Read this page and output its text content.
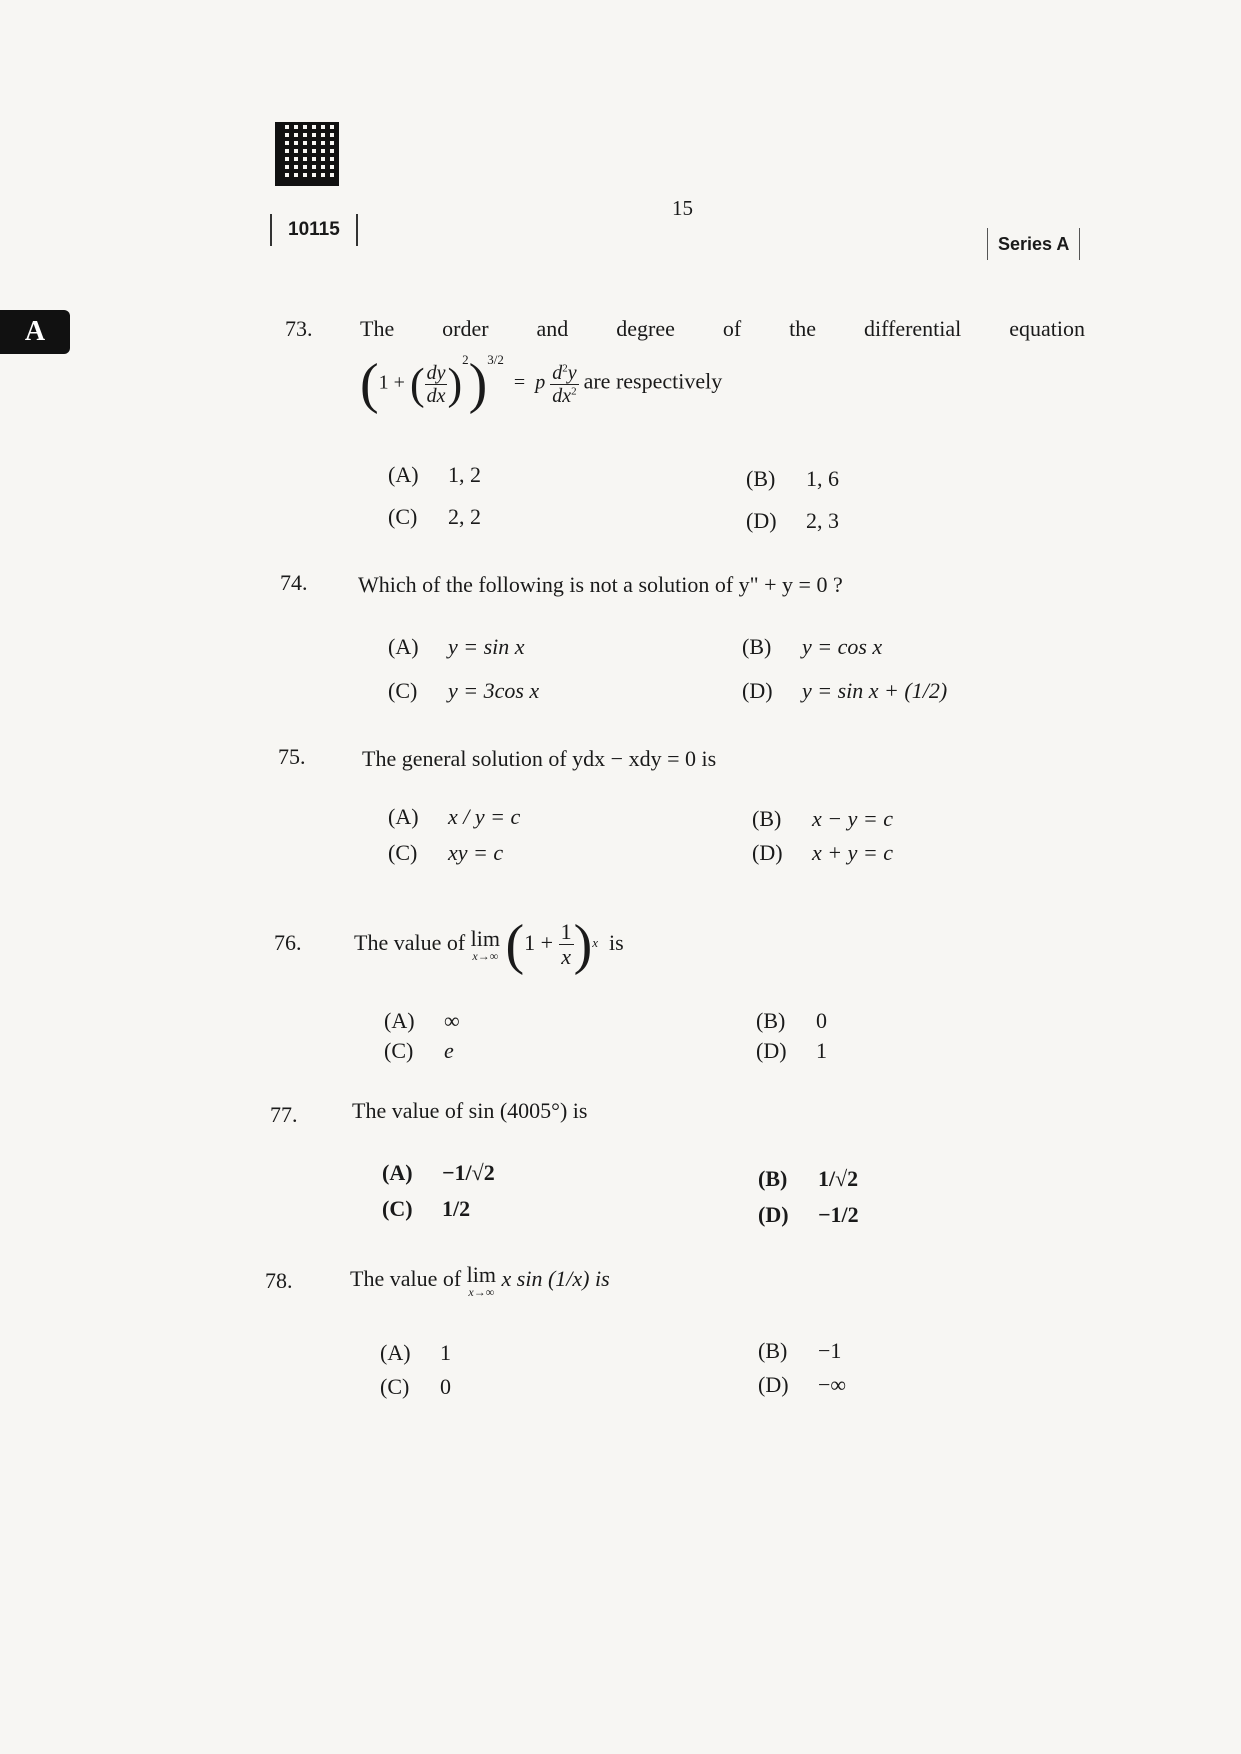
10115
15
Series A
A	73. The order and degree of the differential equation
(1 + ( $\frac{dy}{dx} )^2)^{3/2} = p \frac{d^2y}{dx^2}$ are respectively
(A) 1, 2	(B) 1, 6
(C) 2, 2	(D) 2, 3
74. Which of the following is not a solution of y" + y = 0 ?
(A) y = sin x	(B) y = cos x
(C) y = 3cos x	(D) y = sin x + (1/2)
75.	The general solution of ydx − xdy = 0 is
(A) x / y = c	(B) x − y = c
(C) xy = c	(D) x + y = c
76. The value of lim
x→∞ $(1 + \frac{1}{x} )^x$ is
(A) ∞	(B) 0
(C) e	(D) 1
77. The value of sin (4005°) is
(A) −1/√2	(B) 1/√2
(C) 1/2	(D) −1/2
78.	The value of lim
x→∞
x sin (1/x) is
(A) 1	(B) −1
(C) 0	(D) −∞
